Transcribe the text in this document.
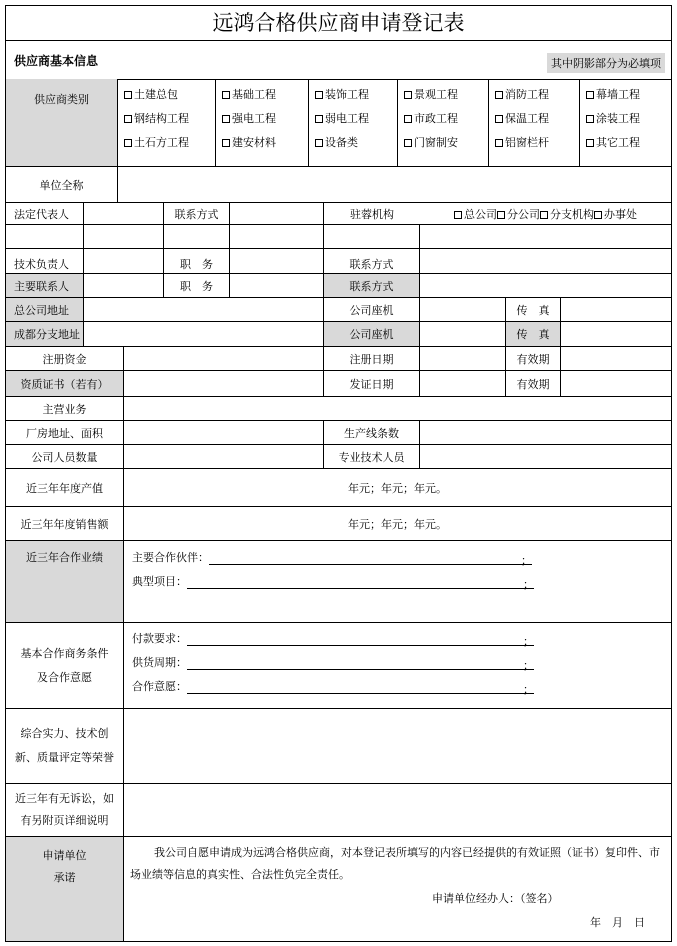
远鸿合格供应商申请登记表
供应商基本信息	其中阴影部分为必填项
供应商类别	土建总包	基础工程	装饰工程	景观工程	消防工程	幕墙工程
钢结构工程	强电工程	弱电工程	市政工程	保温工程	涂装工程
土石方工程	建安材料	设备类	门窗制安	铝窗栏杆	其它工程
单位全称
法定代表人	联系方式	驻蓉机构	总公司 分公司 分支机构 办事处
技术负责人	职　务	联系方式
主要联系人	职　务	联系方式
总公司地址	公司座机	传　真
成都分支地址	公司座机	传　真
注册资金	注册日期	有效期
资质证书（若有）	发证日期	有效期
主营业务
厂房地址、面积	生产线条数
公司人员数量	专业技术人员
近三年年度产值	年元；年元；年元。
近三年年度销售额	年元；年元；年元。
近三年合作业绩	主要合作伙伴：	；
典型项目：	；
基本合作商务条件
及合作意愿
付款要求：	；
供货周期：	；
合作意愿：	；
综合实力、技术创新、质量评定等荣誉
近三年有无诉讼，如有另附页详细说明
申请单位
承诺
我公司自愿申请成为远鸿合格供应商，对本登记表所填写的内容已经提供的有效证照（证书）复印件、市场业绩等信息的真实性、合法性负完全责任。
申请单位经办人：（签名）
年　月　日
